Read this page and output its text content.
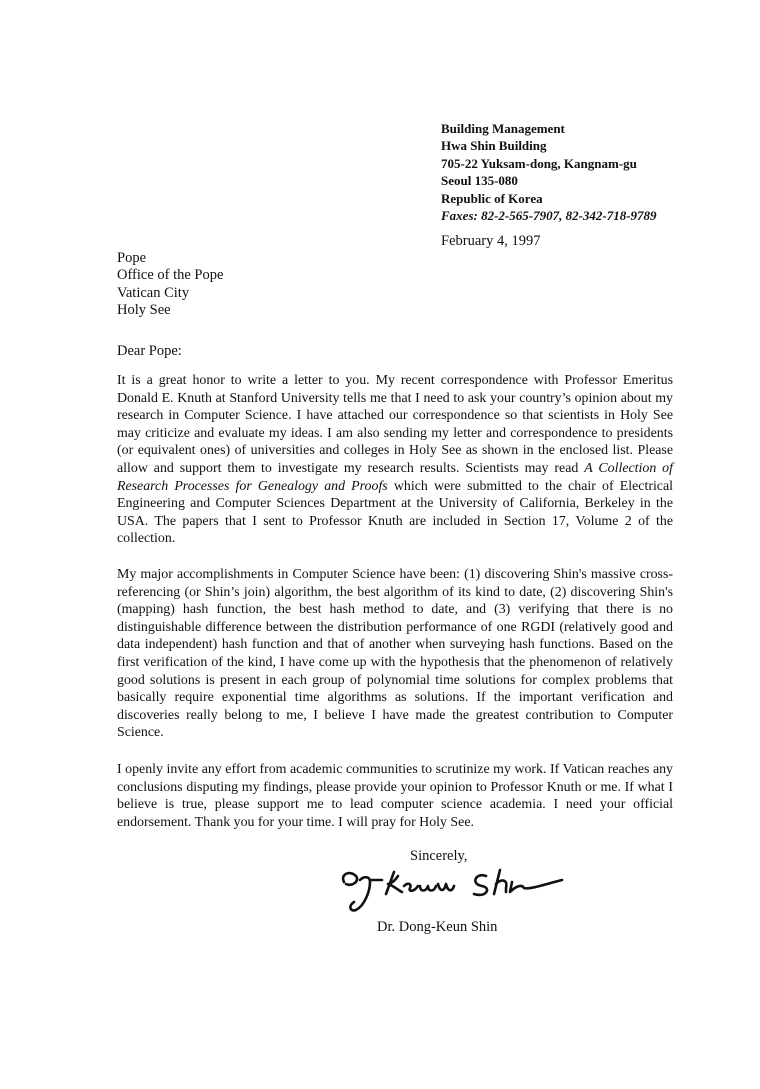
Building Management
Hwa Shin Building
705-22 Yuksam-dong, Kangnam-gu
Seoul 135-080
Republic of Korea
Faxes: 82-2-565-7907, 82-342-718-9789
February 4, 1997
Pope
Office of the Pope
Vatican City
Holy See
Dear Pope:

It is a great honor to write a letter to you. My recent correspondence with Professor Emeritus Donald E. Knuth at Stanford University tells me that I need to ask your country’s opinion about my research in Computer Science. I have attached our correspondence so that scientists in Holy See may criticize and evaluate my ideas. I am also sending my letter and correspondence to presidents (or equivalent ones) of universities and colleges in Holy See as shown in the enclosed list. Please allow and support them to investigate my research results. Scientists may read A Collection of Research Processes for Genealogy and Proofs which were submitted to the chair of Electrical Engineering and Computer Sciences Department at the University of California, Berkeley in the USA. The papers that I sent to Professor Knuth are included in Section 17, Volume 2 of the collection.

My major accomplishments in Computer Science have been: (1) discovering Shin's massive cross-referencing (or Shin’s join) algorithm, the best algorithm of its kind to date, (2) discovering Shin's (mapping) hash function, the best hash method to date, and (3) verifying that there is no distinguishable difference between the distribution performance of one RGDI (relatively good and data independent) hash function and that of another when surveying hash functions. Based on the first verification of the kind, I have come up with the hypothesis that the phenomenon of relatively good solutions is present in each group of polynomial time solutions for complex problems that basically require exponential time algorithms as solutions. If the important verification and discoveries really belong to me, I believe I have made the greatest contribution to Computer Science.

I openly invite any effort from academic communities to scrutinize my work. If Vatican reaches any conclusions disputing my findings, please provide your opinion to Professor Knuth or me. If what I believe is true, please support me to lead computer science academia. I need your official endorsement. Thank you for your time. I will pray for Holy See.

Sincerely,
Dr. Dong-Keun Shin
